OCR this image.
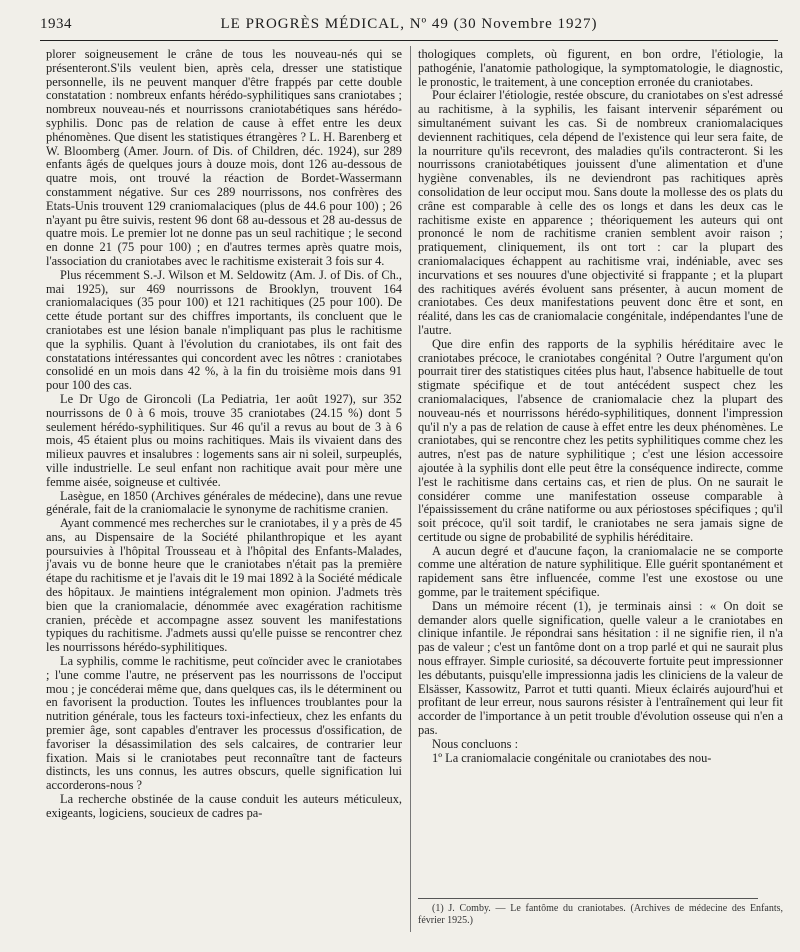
1934	LE PROGRÈS MÉDICAL, Nº 49 (30 Novembre 1927)

plorer soigneusement le crâne de tous les nouveau-nés qui se présenteront.S'ils veulent bien, après cela, dresser une statistique personnelle, ils ne peuvent manquer d'être frappés par cette double constatation : nombreux enfants hérédo-syphilitiques sans craniotabes ; nombreux nouveau-nés et nourrissons craniotabétiques sans hérédo-syphilis. Donc pas de relation de cause à effet entre les deux phénomènes. Que disent les statistiques étrangères ? L. H. Barenberg et W. Bloomberg (Amer. Journ. of Dis. of Children, déc. 1924), sur 289 enfants âgés de quelques jours à douze mois, dont 126 au-dessous de quatre mois, ont trouvé la réaction de Bordet-Wassermann constamment négative. Sur ces 289 nourrissons, nos confrères des Etats-Unis trouvent 129 craniomalaciques (plus de 44.6 pour 100) ; 26 n'ayant pu être suivis, restent 96 dont 68 au-dessous et 28 au-dessus de quatre mois. Le premier lot ne donne pas un seul rachitique ; le second en donne 21 (75 pour 100) ; en d'autres termes après quatre mois, l'association du craniotabes avec le rachitisme existerait 3 fois sur 4.

Plus récemment S.-J. Wilson et M. Seldowitz (Am. J. of Dis. of Ch., mai 1925), sur 469 nourrissons de Brooklyn, trouvent 164 craniomalaciques (35 pour 100) et 121 rachitiques (25 pour 100). De cette étude portant sur des chiffres importants, ils concluent que le craniotabes est une lésion banale n'impliquant pas plus le rachitisme que la syphilis. Quant à l'évolution du craniotabes, ils ont fait des constatations intéressantes qui concordent avec les nôtres : craniotabes consolidé en un mois dans 42 %, à la fin du troisième mois dans 91 pour 100 des cas.

Le Dr Ugo de Gironcoli (La Pediatria, 1er août 1927), sur 352 nourrissons de 0 à 6 mois, trouve 35 craniotabes (24.15 %) dont 5 seulement hérédo-syphilitiques. Sur 46 qu'il a revus au bout de 3 à 6 mois, 45 étaient plus ou moins rachitiques. Mais ils vivaient dans des milieux pauvres et insalubres : logements sans air ni soleil, surpeuplés, ville industrielle. Le seul enfant non rachitique avait pour mère une femme aisée, soigneuse et cultivée.

Lasègue, en 1850 (Archives générales de médecine), dans une revue générale, fait de la craniomalacie le synonyme de rachitisme cranien.

Ayant commencé mes recherches sur le craniotabes, il y a près de 45 ans, au Dispensaire de la Société philanthropique et les ayant poursuivies à l'hôpital Trousseau et à l'hôpital des Enfants-Malades, j'avais vu de bonne heure que le craniotabes n'était pas la première étape du rachitisme et je l'avais dit le 19 mai 1892 à la Société médicale des hôpitaux. Je maintiens intégralement mon opinion. J'admets très bien que la craniomalacie, dénommée avec exagération rachitisme cranien, précède et accompagne assez souvent les manifestations typiques du rachitisme. J'admets aussi qu'elle puisse se rencontrer chez les nourrissons hérédo-syphilitiques.

La syphilis, comme le rachitisme, peut coïncider avec le craniotabes ; l'une comme l'autre, ne préservent pas les nourrissons de l'occiput mou ; je concéderai même que, dans quelques cas, ils le déterminent ou en favorisent la production. Toutes les influences troublantes pour la nutrition générale, tous les facteurs toxi-infectieux, chez les enfants du premier âge, sont capables d'entraver les processus d'ossification, de favoriser la désassimilation des sels calcaires, de contrarier leur fixation. Mais si le craniotabes peut reconnaître tant de facteurs distincts, les uns connus, les autres obscurs, quelle signification lui accorderons-nous ?

La recherche obstinée de la cause conduit les auteurs méticuleux, exigeants, logiciens, soucieux de cadres pa-

thologiques complets, où figurent, en bon ordre, l'étiologie, la pathogénie, l'anatomie pathologique, la symptomatologie, le diagnostic, le pronostic, le traitement, à une conception erronée du craniotabes.

Pour éclairer l'étiologie, restée obscure, du craniotabes on s'est adressé au rachitisme, à la syphilis, les faisant intervenir séparément ou simultanément suivant les cas. Si de nombreux craniomalaciques deviennent rachitiques, cela dépend de l'existence qui leur sera faite, de la nourriture qu'ils recevront, des maladies qu'ils contracteront. Si les nourrissons craniotabétiques jouissent d'une alimentation et d'une hygiène convenables, ils ne deviendront pas rachitiques après consolidation de leur occiput mou. Sans doute la mollesse des os plats du crâne est comparable à celle des os longs et dans les deux cas le rachitisme existe en apparence ; théoriquement les auteurs qui ont prononcé le nom de rachitisme cranien semblent avoir raison ; pratiquement, cliniquement, ils ont tort : car la plupart des craniomalaciques échappent au rachitisme vrai, indéniable, avec ses incurvations et ses nouures d'une objectivité si frappante ; et la plupart des rachitiques avérés évoluent sans présenter, à aucun moment de craniotabes. Ces deux manifestations peuvent donc être et sont, en réalité, dans les cas de craniomalacie congénitale, indépendantes l'une de l'autre.

Que dire enfin des rapports de la syphilis héréditaire avec le craniotabes précoce, le craniotabes congénital ? Outre l'argument qu'on pourrait tirer des statistiques citées plus haut, l'absence habituelle de tout stigmate spécifique et de tout antécédent suspect chez les craniomalaciques, l'absence de craniomalacie chez la plupart des nouveau-nés et nourrissons hérédo-syphilitiques, donnent l'impression qu'il n'y a pas de relation de cause à effet entre les deux phénomènes. Le craniotabes, qui se rencontre chez les petits syphilitiques comme chez les autres, n'est pas de nature syphilitique ; c'est une lésion accessoire ajoutée à la syphilis dont elle peut être la conséquence indirecte, comme l'est le rachitisme dans certains cas, et rien de plus. On ne saurait le considérer comme une manifestation osseuse comparable à l'épaississement du crâne natiforme ou aux périostoses spécifiques ; qu'il soit précoce, qu'il soit tardif, le craniotabes ne sera jamais signe de certitude ou signe de probabilité de syphilis héréditaire.

A aucun degré et d'aucune façon, la craniomalacie ne se comporte comme une altération de nature syphilitique. Elle guérit spontanément et rapidement sans être influencée, comme l'est une exostose ou une gomme, par le traitement spécifique.

Dans un mémoire récent (1), je terminais ainsi : « On doit se demander alors quelle signification, quelle valeur a le craniotabes en clinique infantile. Je répondrai sans hésitation : il ne signifie rien, il n'a pas de valeur ; c'est un fantôme dont on a trop parlé et qui ne saurait plus nous effrayer. Simple curiosité, sa découverte fortuite peut impressionner les débutants, puisqu'elle impressionna jadis les cliniciens de la valeur de Elsässer, Kassowitz, Parrot et tutti quanti. Mieux éclairés aujourd'hui et profitant de leur erreur, nous saurons résister à l'entraînement qui leur fit accorder de l'importance à un petit trouble d'évolution osseuse qui n'en a pas.

Nous concluons :

1º La craniomalacie congénitale ou craniotabes des nou-

(1) J. Comby. — Le fantôme du craniotabes. (Archives de médecine des Enfants, février 1925.)
